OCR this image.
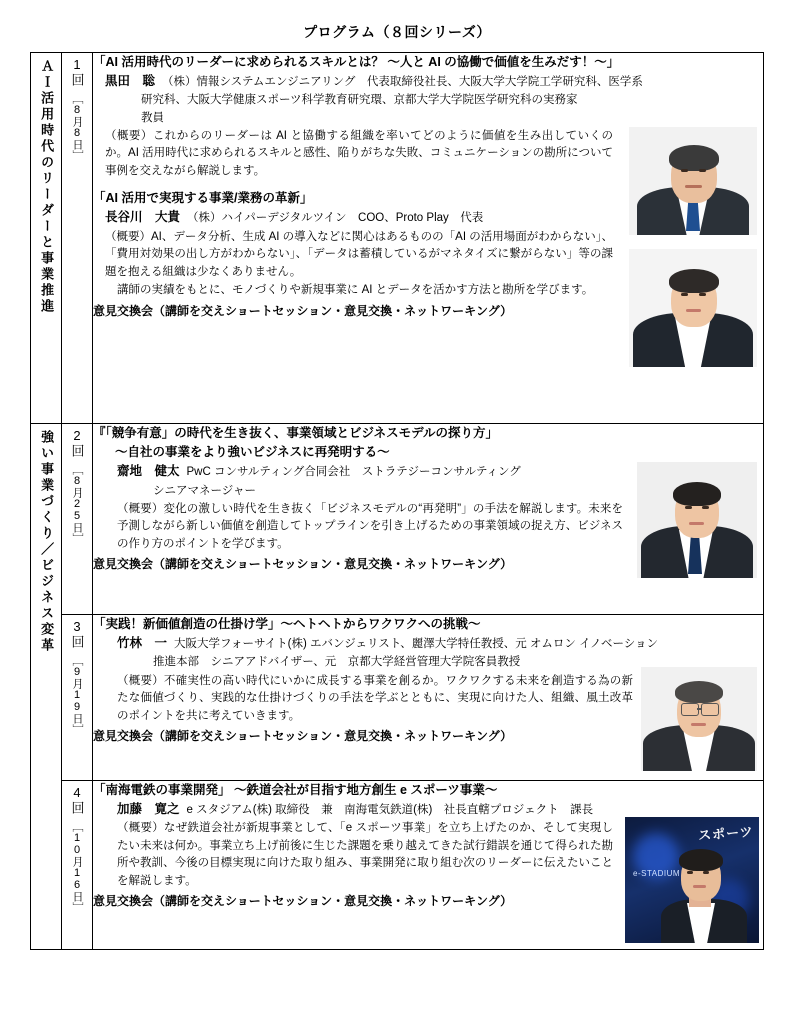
プログラム（８回シリーズ）
ＡＩ活用時代のリーダーと事業推進	1回
［8月8日］

「AI 活用時代のリーダーに求められるスキルとは？ ～人と AI の協働で価値を生みだす！～」
黒田　聡 （株）情報システムエンジニアリング　代表取締役社長、大阪大学大学院工学研究科、医学系
研究科、大阪大学健康スポーツ科学教育研究環、京都大学大学院医学研究科の実務家
教員
（概要）これからのリーダーは AI と協働する組織を率いてどのように価値を生み出していくのか。AI 活用時代に求められるスキルと感性、陥りがちな失敗、コミュニケーションの勘所について事例を交えながら解説します。
「AI 活用で実現する事業/業務の革新」
長谷川　大貴 （株）ハイパーデジタルツイン　COO、Proto Play　代表
（概要）AI、データ分析、生成 AI の導入などに関心はあるものの「AI の活用場面がわからない」、「費用対効果の出し方がわからない」、「データは蓄積しているがマネタイズに繋がらない」等の課題を抱える組織は少なくありません。
講師の実績をもとに、モノづくりや新規事業に AI とデータを活かす方法と勘所を学びます。
意見交換会（講師を交えショートセッション・意見交換・ネットワーキング）

強い事業づくり／ビジネス変革	2回
［8月25日］

『「競争有意」の時代を生き抜く、事業領域とビジネスモデルの探り方」
～自社の事業をより強いビジネスに再発明する～
齋地　健太 PwC コンサルティング合同会社　ストラテジーコンサルティング
シニアマネージャー
（概要）変化の激しい時代を生き抜く「ビジネスモデルの“再発明”」の手法を解説します。未来を予測しながら新しい価値を創造してトップラインを引き上げるための事業領域の捉え方、ビジネスの作り方のポイントを学びます。
意見交換会（講師を交えショートセッション・意見交換・ネットワーキング）

3回
［9月19日］

「実践！新価値創造の仕掛け学」～ヘトヘトからワクワクへの挑戦～
竹林　一 大阪大学フォーサイト(株) エバンジェリスト、麗澤大学特任教授、元 オムロン イノベーション
推進本部　シニアアドバイザー、元　京都大学経営管理大学院客員教授
（概要）不確実性の高い時代にいかに成長する事業を創るか。ワクワクする未来を創造する為の新たな価値づくり、実践的な仕掛けづくりの手法を学ぶとともに、実現に向けた人、組織、風土改革のポイントを共に考えていきます。
意見交換会（講師を交えショートセッション・意見交換・ネットワーキング）

4回
［10月16日］

「南海電鉄の事業開発」 ～鉄道会社が目指す地方創生 e スポーツ事業～
加藤　寛之 e スタジアム(株) 取締役　兼　南海電気鉄道(株)　社長直轄プロジェクト　課長
（概要）なぜ鉄道会社が新規事業として、「e スポーツ事業」を立ち上げたのか、そして実現したい未来は何か。事業立ち上げ前後に生じた課題を乗り越えてきた試行錯誤を通じて得られた勘所や教訓、今後の目標実現に向けた取り組み、事業開発に取り組む次のリーダーに伝えたいことを解説します。
意見交換会（講師を交えショートセッション・意見交換・ネットワーキング）
スポーツ
e-STADIUM
